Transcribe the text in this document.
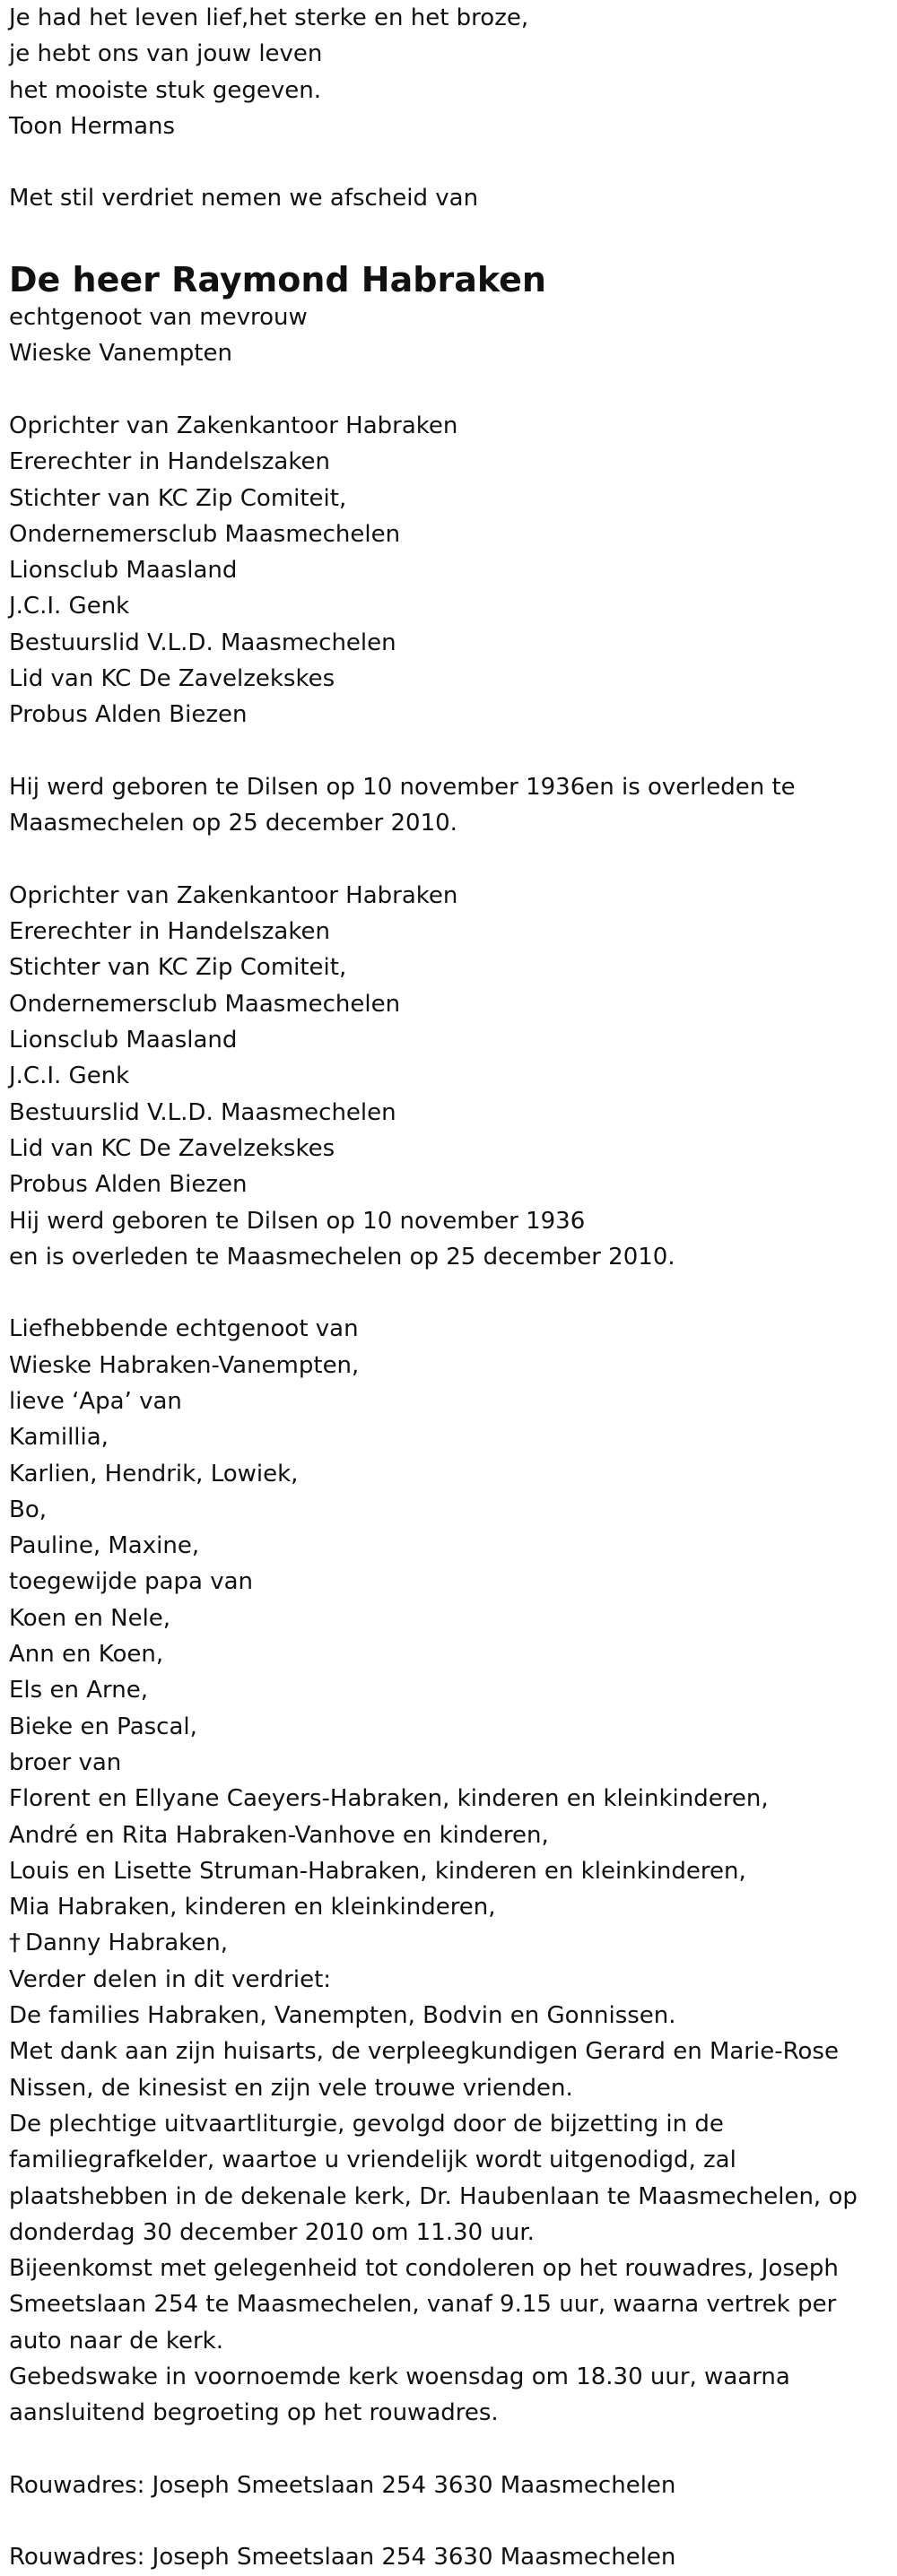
Je had het leven lief,het sterke en het broze,

je hebt ons van jouw leven

het mooiste stuk gegeven.

Toon Hermans

Met stil verdriet nemen we afscheid van

De heer Raymond Habraken

echtgenoot van mevrouw

Wieske Vanempten

Oprichter van Zakenkantoor Habraken

Ererechter in Handelszaken

Stichter van KC Zip Comiteit,

Ondernemersclub Maasmechelen

Lionsclub Maasland

J.C.I. Genk

Bestuurslid V.L.D. Maasmechelen

Lid van KC De Zavelzekskes

Probus Alden Biezen

Hij werd geboren te Dilsen op 10 november 1936en is overleden te

Maasmechelen op 25 december 2010.

Oprichter van Zakenkantoor Habraken

Ererechter in Handelszaken

Stichter van KC Zip Comiteit,

Ondernemersclub Maasmechelen

Lionsclub Maasland

J.C.I. Genk

Bestuurslid V.L.D. Maasmechelen

Lid van KC De Zavelzekskes

Probus Alden Biezen

Hij werd geboren te Dilsen op 10 november 1936

en is overleden te Maasmechelen op 25 december 2010.

Liefhebbende echtgenoot van

Wieske Habraken-Vanempten,

lieve ‘Apa’ van

Kamillia,

Karlien, Hendrik, Lowiek,

Bo,

Pauline, Maxine,

toegewijde papa van

Koen en Nele,

Ann en Koen,

Els en Arne,

Bieke en Pascal,

broer van

Florent en Ellyane Caeyers-Habraken, kinderen en kleinkinderen,

André en Rita Habraken-Vanhove en kinderen,

Louis en Lisette Struman-Habraken, kinderen en kleinkinderen,

Mia Habraken, kinderen en kleinkinderen,

† Danny Habraken,

Verder delen in dit verdriet:

De families Habraken, Vanempten, Bodvin en Gonnissen.

Met dank aan zijn huisarts, de verpleegkundigen Gerard en Marie-Rose

Nissen, de kinesist en zijn vele trouwe vrienden.

De plechtige uitvaartliturgie, gevolgd door de bijzetting in de

familiegrafkelder, waartoe u vriendelijk wordt uitgenodigd, zal

plaatshebben in de dekenale kerk, Dr. Haubenlaan te Maasmechelen, op

donderdag 30 december 2010 om 11.30 uur.

Bijeenkomst met gelegenheid tot condoleren op het rouwadres, Joseph

Smeetslaan 254 te Maasmechelen, vanaf 9.15 uur, waarna vertrek per

auto naar de kerk.

Gebedswake in voornoemde kerk woensdag om 18.30 uur, waarna

aansluitend begroeting op het rouwadres.

Rouwadres: Joseph Smeetslaan 254 3630 Maasmechelen

Rouwadres: Joseph Smeetslaan 254 3630 Maasmechelen
